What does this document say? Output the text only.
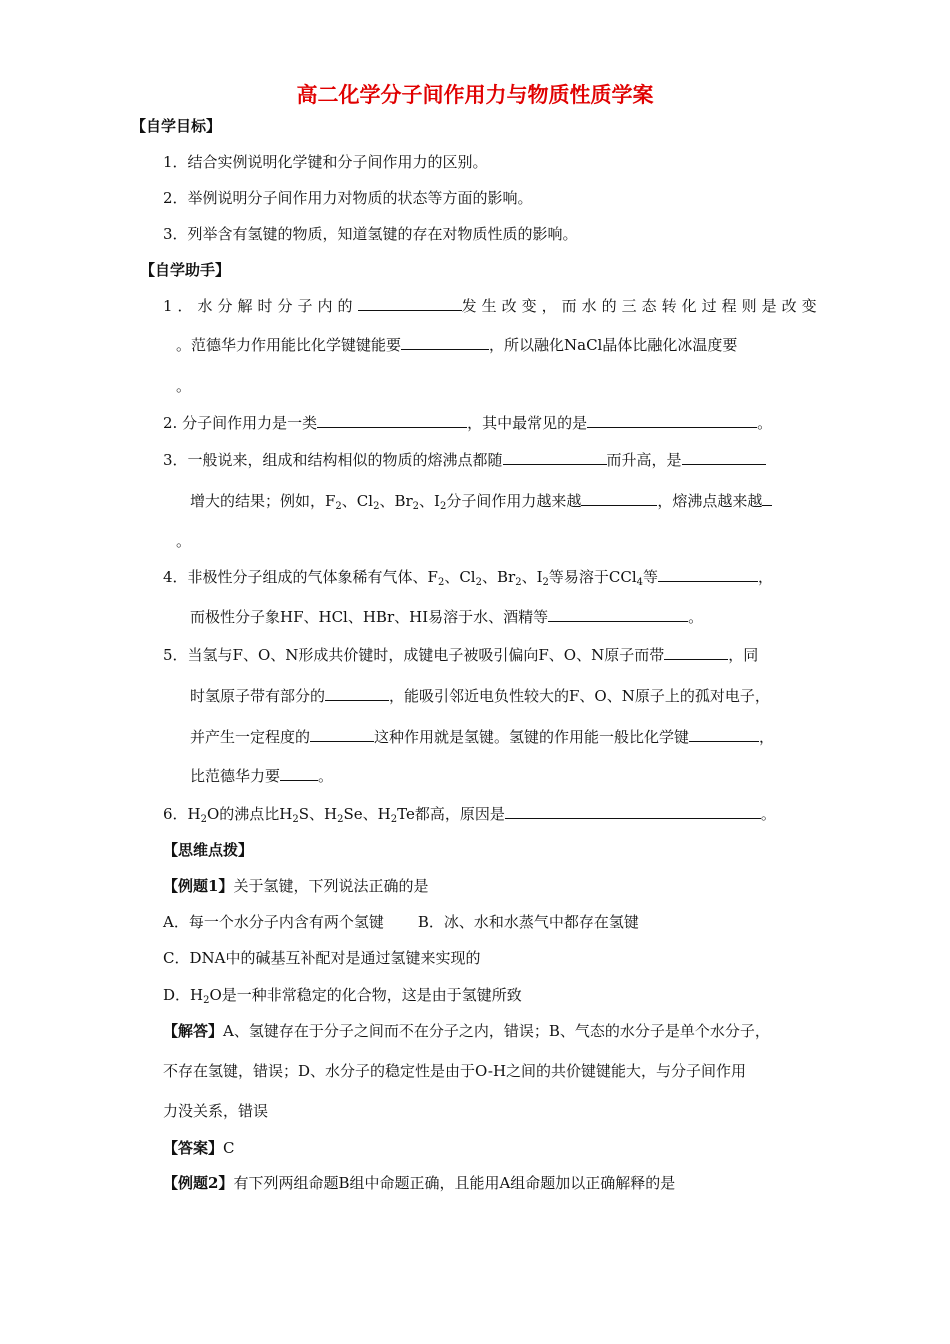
高二化学分子间作用力与物质性质学案
【自学目标】
1．结合实例说明化学键和分子间作用力的区别。
2．举例说明分子间作用力对物质的状态等方面的影响。
3．列举含有氢键的物质，知道氢键的存在对物质性质的影响。
【自学助手】
1．水分解时分子内的	发生改变，而水的三态转化过程则是改变
。范德华力作用能比化学键键能要	，所以融化NaCl晶体比融化冰温度要
。
2. 分子间作用力是一类	，其中最常见的是	。
3．一般说来，组成和结构相似的物质的熔沸点都随	而升高，是
增大的结果；例如，$F_2$、$Cl_2$、$Br_2$、$I_2$分子间作用力越来越	，熔沸点越来越
。
4．非极性分子组成的气体象稀有气体、$F_2$、$Cl_2$、$Br_2$、$I_2$等易溶于CCl$_4$等	，
而极性分子象HF、HCl、HBr、HI易溶于水、酒精等	。
5．当氢与F、O、N形成共价键时，成键电子被吸引偏向F、O、N原子而带	，同
时氢原子带有部分的	，能吸引邻近电负性较大的F、O、N原子上的孤对电子，
并产生一定程度的	这种作用就是氢键。氢键的作用能一般比化学键	，
比范德华力要	。
6．$H_2O$的沸点比$H_2S$、$H_2Se$、$H_2Te$都高，原因是	。
【思维点拨】
【例题1】关于氢键，下列说法正确的是
A．每一个水分子内含有两个氢键 B．冰、水和水蒸气中都存在氢键
C．DNA中的碱基互补配对是通过氢键来实现的
D．$H_2O$是一种非常稳定的化合物，这是由于氢键所致
【解答】A、氢键存在于分子之间而不在分子之内，错误；B、气态的水分子是单个水分子，
不存在氢键，错误；D、水分子的稳定性是由于O-H之间的共价键键能大，与分子间作用
力没关系，错误
【答案】C
【例题2】有下列两组命题B组中命题正确，且能用A组命题加以正确解释的是
